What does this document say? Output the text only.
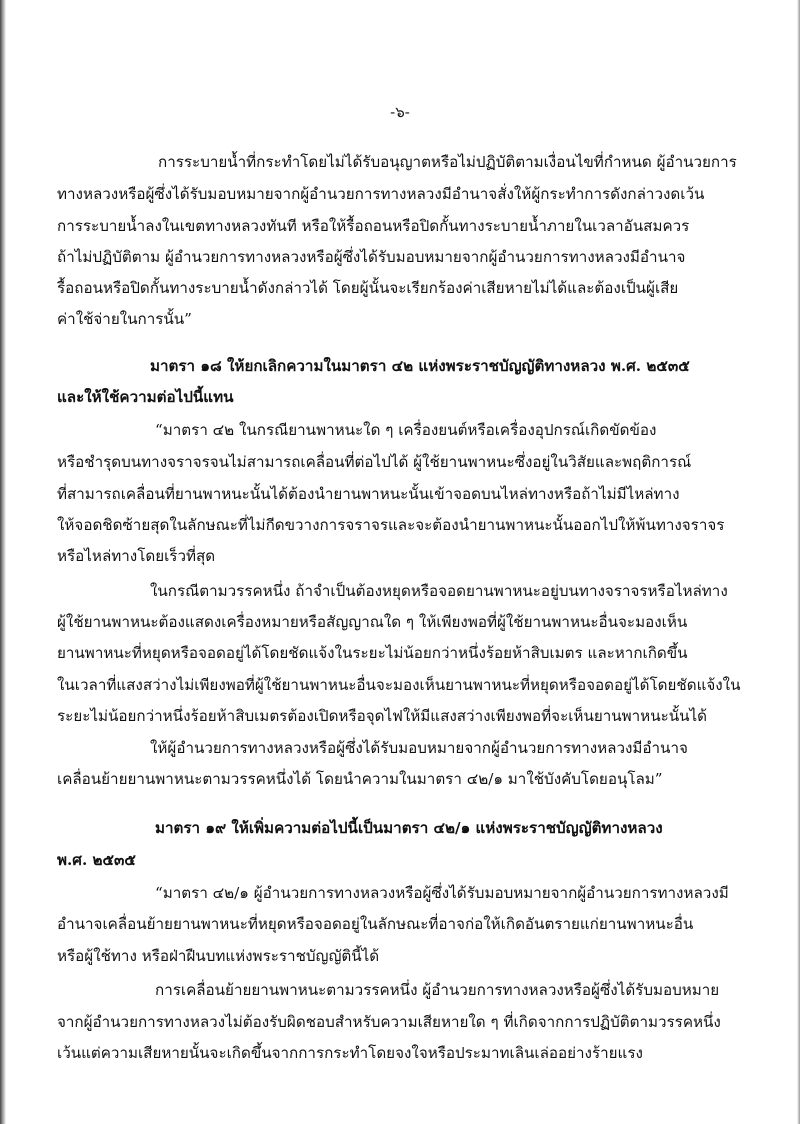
-๖-
การระบายน้ำที่กระทำโดยไม่ได้รับอนุญาตหรือไม่ปฏิบัติตามเงื่อนไขที่กำหนด ผู้อำนวยการ
ทางหลวงหรือผู้ซึ่งได้รับมอบหมายจากผู้อำนวยการทางหลวงมีอำนาจสั่งให้ผู้กระทำการดังกล่าวงดเว้น
การระบายน้ำลงในเขตทางหลวงทันที หรือให้รื้อถอนหรือปิดกั้นทางระบายน้ำภายในเวลาอันสมควร
ถ้าไม่ปฏิบัติตาม ผู้อำนวยการทางหลวงหรือผู้ซึ่งได้รับมอบหมายจากผู้อำนวยการทางหลวงมีอำนาจ
รื้อถอนหรือปิดกั้นทางระบายน้ำดังกล่าวได้ โดยผู้นั้นจะเรียกร้องค่าเสียหายไม่ได้และต้องเป็นผู้เสีย
ค่าใช้จ่ายในการนั้น”
มาตรา ๑๘ ให้ยกเลิกความในมาตรา ๔๒ แห่งพระราชบัญญัติทางหลวง พ.ศ. ๒๕๓๕
และให้ใช้ความต่อไปนี้แทน
“มาตรา ๔๒ ในกรณียานพาหนะใด ๆ เครื่องยนต์หรือเครื่องอุปกรณ์เกิดขัดข้อง
หรือชำรุดบนทางจราจรจนไม่สามารถเคลื่อนที่ต่อไปได้ ผู้ใช้ยานพาหนะซึ่งอยู่ในวิสัยและพฤติการณ์
ที่สามารถเคลื่อนที่ยานพาหนะนั้นได้ต้องนำยานพาหนะนั้นเข้าจอดบนไหล่ทางหรือถ้าไม่มีไหล่ทาง
ให้จอดชิดซ้ายสุดในลักษณะที่ไม่กีดขวางการจราจรและจะต้องนำยานพาหนะนั้นออกไปให้พ้นทางจราจร
หรือไหล่ทางโดยเร็วที่สุด
ในกรณีตามวรรคหนึ่ง ถ้าจำเป็นต้องหยุดหรือจอดยานพาหนะอยู่บนทางจราจรหรือไหล่ทาง
ผู้ใช้ยานพาหนะต้องแสดงเครื่องหมายหรือสัญญาณใด ๆ ให้เพียงพอที่ผู้ใช้ยานพาหนะอื่นจะมองเห็น
ยานพาหนะที่หยุดหรือจอดอยู่ได้โดยชัดแจ้งในระยะไม่น้อยกว่าหนึ่งร้อยห้าสิบเมตร และหากเกิดขึ้น
ในเวลาที่แสงสว่างไม่เพียงพอที่ผู้ใช้ยานพาหนะอื่นจะมองเห็นยานพาหนะที่หยุดหรือจอดอยู่ได้โดยชัดแจ้งใน
ระยะไม่น้อยกว่าหนึ่งร้อยห้าสิบเมตรต้องเปิดหรือจุดไฟให้มีแสงสว่างเพียงพอที่จะเห็นยานพาหนะนั้นได้
ให้ผู้อำนวยการทางหลวงหรือผู้ซึ่งได้รับมอบหมายจากผู้อำนวยการทางหลวงมีอำนาจ
เคลื่อนย้ายยานพาหนะตามวรรคหนึ่งได้ โดยนำความในมาตรา ๔๒/๑ มาใช้บังคับโดยอนุโลม”
มาตรา ๑๙ ให้เพิ่มความต่อไปนี้เป็นมาตรา ๔๒/๑ แห่งพระราชบัญญัติทางหลวง
พ.ศ. ๒๕๓๕
“มาตรา ๔๒/๑ ผู้อำนวยการทางหลวงหรือผู้ซึ่งได้รับมอบหมายจากผู้อำนวยการทางหลวงมี
อำนาจเคลื่อนย้ายยานพาหนะที่หยุดหรือจอดอยู่ในลักษณะที่อาจก่อให้เกิดอันตรายแก่ยานพาหนะอื่น
หรือผู้ใช้ทาง หรือฝ่าฝืนบทแห่งพระราชบัญญัตินี้ได้
การเคลื่อนย้ายยานพาหนะตามวรรคหนึ่ง ผู้อำนวยการทางหลวงหรือผู้ซึ่งได้รับมอบหมาย
จากผู้อำนวยการทางหลวงไม่ต้องรับผิดชอบสำหรับความเสียหายใด ๆ ที่เกิดจากการปฏิบัติตามวรรคหนึ่ง
เว้นแต่ความเสียหายนั้นจะเกิดขึ้นจากการกระทำโดยจงใจหรือประมาทเลินเล่ออย่างร้ายแรง
